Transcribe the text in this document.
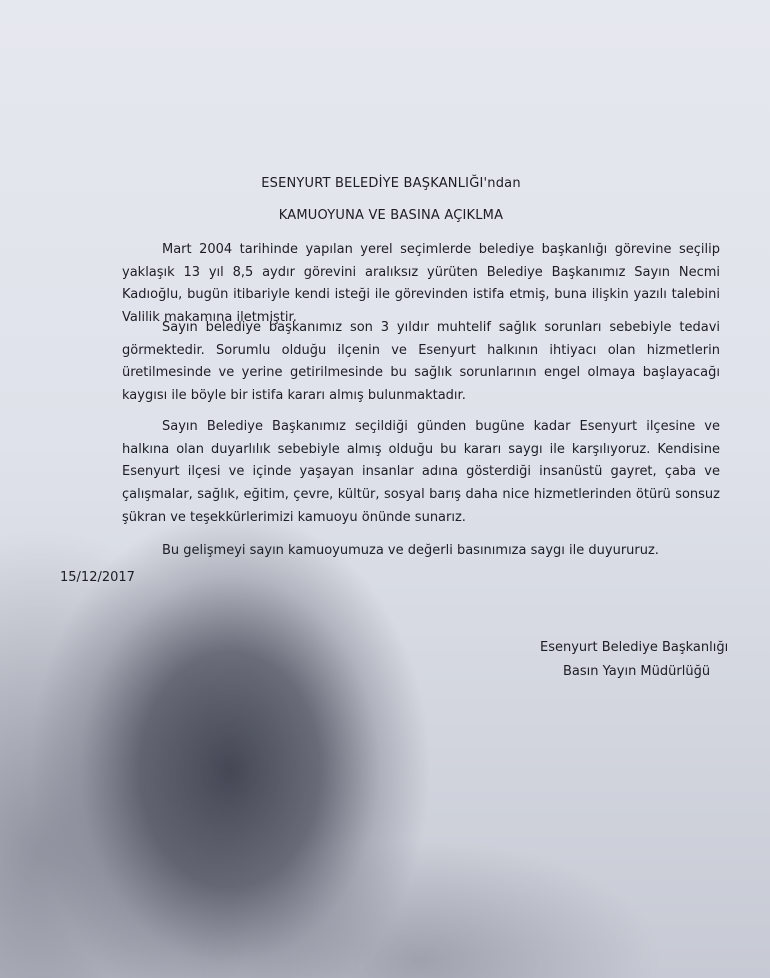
ESENYURT BELEDİYE BAŞKANLIĞI'ndan
KAMUOYUNA VE BASINA AÇIKLMA
Mart 2004 tarihinde yapılan yerel seçimlerde belediye başkanlığı görevine seçilip yaklaşık 13 yıl 8,5 aydır görevini aralıksız yürüten Belediye Başkanımız Sayın Necmi Kadıoğlu, bugün itibariyle kendi isteği ile görevinden istifa etmiş, buna ilişkin yazılı talebini Valilik makamına iletmiştir.
Sayın belediye başkanımız son 3 yıldır muhtelif sağlık sorunları sebebiyle tedavi görmektedir. Sorumlu olduğu ilçenin ve Esenyurt halkının ihtiyacı olan hizmetlerin üretilmesinde ve yerine getirilmesinde bu sağlık sorunlarının engel olmaya başlayacağı kaygısı ile böyle bir istifa kararı almış bulunmaktadır.
Sayın Belediye Başkanımız seçildiği günden bugüne kadar Esenyurt ilçesine ve halkına olan duyarlılık sebebiyle almış olduğu bu kararı saygı ile karşılıyoruz. Kendisine Esenyurt ilçesi ve içinde yaşayan insanlar adına gösterdiği insanüstü gayret, çaba ve çalışmalar, sağlık, eğitim, çevre, kültür, sosyal barış daha nice hizmetlerinden ötürü sonsuz şükran ve teşekkürlerimizi kamuoyu önünde sunarız.
Bu gelişmeyi sayın kamuoyumuza ve değerli basınımıza saygı ile duyururuz.
15/12/2017
Esenyurt Belediye Başkanlığı
Basın Yayın Müdürlüğü
